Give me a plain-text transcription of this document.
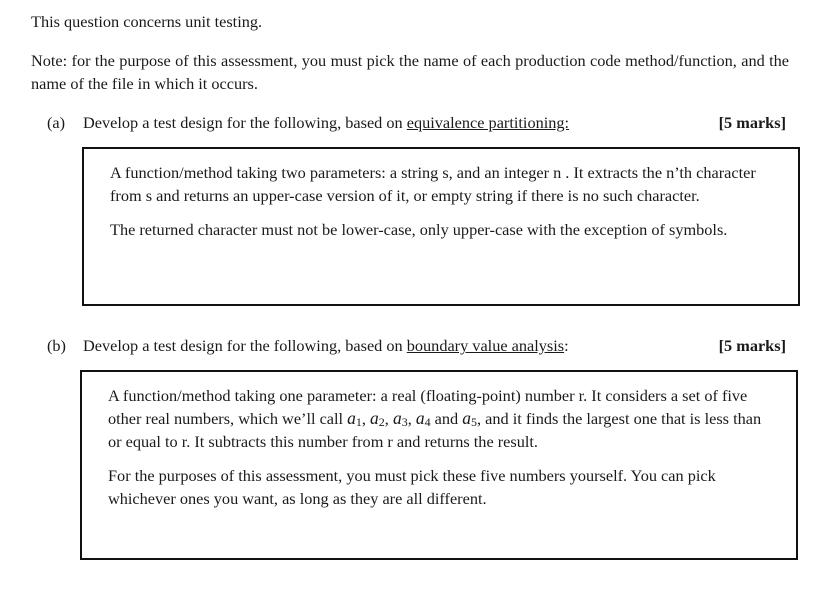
This question concerns unit testing.

Note: for the purpose of this assessment, you must pick the name of each production code method/function, and the name of the file in which it occurs.

(a) Develop a test design for the following, based on equivalence partitioning:	[5 marks]

A function/method taking two parameters: a string s, and an integer n . It extracts the n’th character from s and returns an upper-case version of it, or empty string if there is no such character.

The returned character must not be lower-case, only upper-case with the exception of symbols.

(b) Develop a test design for the following, based on boundary value analysis:	[5 marks]

A function/method taking one parameter: a real (floating-point) number r. It considers a set of five other real numbers, which we’ll call $a_1$, $a_2$, $a_3$, $a_4$ and $a_5$, and it finds the largest one that is less than or equal to r. It subtracts this number from r and returns the result.

For the purposes of this assessment, you must pick these five numbers yourself. You can pick whichever ones you want, as long as they are all different.
